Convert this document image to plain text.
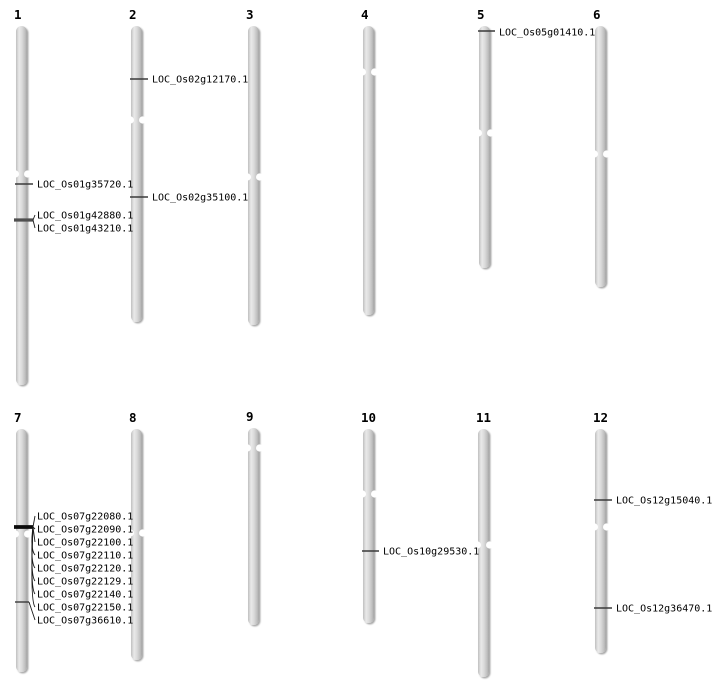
1
LOC_Os01g35720.1
LOC_Os01g42880.1
LOC_Os01g43210.1
2
LOC_Os02g12170.1
LOC_Os02g35100.1
3	4	5
LOC_Os05g01410.1
6
7
LOC_Os07g22080.1
LOC_Os07g22090.1
LOC_Os07g22100.1
LOC_Os07g22110.1
LOC_Os07g22120.1
LOC_Os07g22129.1
LOC_Os07g22140.1
LOC_Os07g22150.1
LOC_Os07g36610.1
8	9	10
LOC_Os10g29530.1
11	12
LOC_Os12g15040.1
LOC_Os12g36470.1
